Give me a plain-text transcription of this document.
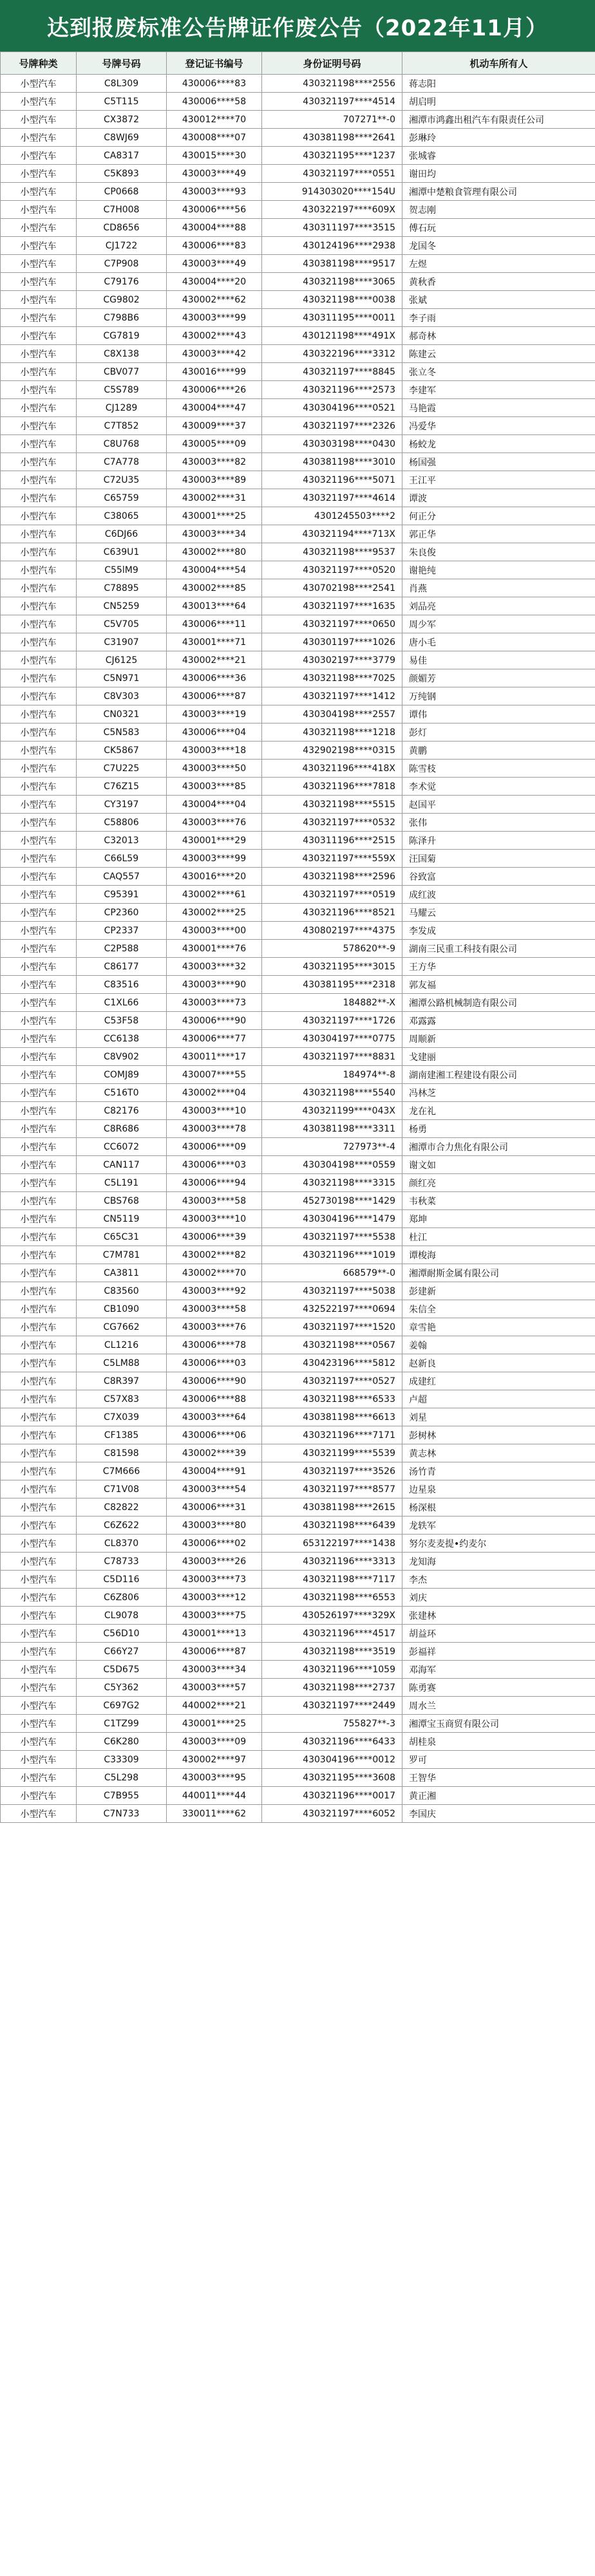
达到报废标准公告牌证作废公告（2022年11月）
号牌种类	号牌号码	登记证书编号	身份证明号码	机动车所有人
小型汽车	C8L309	430006****83	430321198****2556	蒋志阳
小型汽车	C5T115	430006****58	430321197****4514	胡启明
小型汽车	CX3872	430012****70	707271**-0	湘潭市鸿鑫出租汽车有限责任公司
小型汽车	C8WJ69	430008****07	430381198****2641	彭琳玲
小型汽车	CA8317	430015****30	430321195****1237	张城睿
小型汽车	C5K893	430003****49	430321197****0551	谢田均
小型汽车	CP0668	430003****93	914303020****154U	湘潭中楚粮食管理有限公司
小型汽车	C7H008	430006****56	430322197****609X	贺志刚
小型汽车	CD8656	430004****88	430311197****3515	傅石玩
小型汽车	CJ1722	430006****83	430124196****2938	龙国冬
小型汽车	C7P908	430003****49	430381198****9517	左煜
小型汽车	C79176	430004****20	430321198****3065	黄秋香
小型汽车	CG9802	430002****62	430321198****0038	张斌
小型汽车	C798B6	430003****99	430311195****0011	李子雨
小型汽车	CG7819	430002****43	430121198****491X	郝奇林
小型汽车	C8X138	430003****42	430322196****3312	陈建云
小型汽车	CBV077	430016****99	430321197****8845	张立冬
小型汽车	C5S789	430006****26	430321196****2573	李建军
小型汽车	CJ1289	430004****47	430304196****0521	马艳霞
小型汽车	C7T852	430009****37	430321197****2326	冯爱华
小型汽车	C8U768	430005****09	430303198****0430	杨蛟龙
小型汽车	C7A778	430003****82	430381198****3010	杨国强
小型汽车	C72U35	430003****89	430321196****5071	王江平
小型汽车	C65759	430002****31	430321197****4614	谭波
小型汽车	C38065	430001****25	4301245503****2	何正分
小型汽车	C6DJ66	430003****34	430321194****713X	郭正华
小型汽车	C639U1	430002****80	430321198****9537	朱良俊
小型汽车	C55lM9	430004****54	430321197****0520	谢艳纯
小型汽车	C78895	430002****85	430702198****2541	肖燕
小型汽车	CN5259	430013****64	430321197****1635	刘品亮
小型汽车	C5V705	430006****11	430321197****0650	周少军
小型汽车	C31907	430001****71	430301197****1026	唐小毛
小型汽车	CJ6125	430002****21	430302197****3779	易佳
小型汽车	C5N971	430006****36	430321198****7025	颜媚芳
小型汽车	C8V303	430006****87	430321197****1412	万纯钢
小型汽车	CN0321	430003****19	430304198****2557	谭伟
小型汽车	C5N583	430006****04	430321198****1218	彭灯
小型汽车	CK5867	430003****18	432902198****0315	黄鹏
小型汽车	C7U225	430003****50	430321196****418X	陈雪枝
小型汽车	C76Z15	430003****85	430321196****7818	李术觉
小型汽车	CY3197	430004****04	430321198****5515	赵国平
小型汽车	C58806	430003****76	430321197****0532	张伟
小型汽车	C32013	430001****29	430311196****2515	陈泽升
小型汽车	C66L59	430003****99	430321197****559X	汪国菊
小型汽车	CAQ557	430016****20	430321198****2596	谷致富
小型汽车	C95391	430002****61	430321197****0519	成红波
小型汽车	CP2360	430002****25	430321196****8521	马耀云
小型汽车	CP2337	430003****00	430802197****4375	李发成
小型汽车	C2P588	430001****76	578620**-9	湖南三民重工科技有限公司
小型汽车	C86177	430003****32	430321195****3015	王方华
小型汽车	C83516	430003****90	430381195****2318	郭友福
小型汽车	C1XL66	430003****73	184882**-X	湘潭公路机械制造有限公司
小型汽车	C53F58	430006****90	430321197****1726	邓露露
小型汽车	CC6138	430006****77	430304197****0775	周顺新
小型汽车	C8V902	430011****17	430321197****8831	戈建丽
小型汽车	COMJ89	430007****55	184974**-8	湖南建湘工程建设有限公司
小型汽车	C516T0	430002****04	430321198****5540	冯林芝
小型汽车	C82176	430003****10	430321199****043X	龙在礼
小型汽车	C8R686	430003****78	430381198****3311	杨勇
小型汽车	CC6072	430006****09	727973**-4	湘潭市合力焦化有限公司
小型汽车	CAN117	430006****03	430304198****0559	谢文如
小型汽车	C5L191	430006****94	430321198****3315	颜红亮
小型汽车	CBS768	430003****58	452730198****1429	韦秋菜
小型汽车	CN5119	430003****10	430304196****1479	郑坤
小型汽车	C65C31	430006****39	430321197****5538	杜江
小型汽车	C7M781	430002****82	430321196****1019	谭梭海
小型汽车	CA3811	430002****70	668579**-0	湘潭耐斯金属有限公司
小型汽车	C83560	430003****92	430321197****5038	彭建新
小型汽车	CB1090	430003****58	432522197****0694	朱信全
小型汽车	CG7662	430003****76	430321197****1520	章雪艳
小型汽车	CL1216	430006****78	430321198****0567	姜翰
小型汽车	C5LM88	430006****03	430423196****5812	赵新良
小型汽车	C8R397	430006****90	430321197****0527	成建红
小型汽车	C57X83	430006****88	430321198****6533	卢超
小型汽车	C7X039	430003****64	430381198****6613	刘星
小型汽车	CF1385	430006****06	430321196****7171	彭树林
小型汽车	C81598	430002****39	430321199****5539	黄志林
小型汽车	C7M666	430004****91	430321197****3526	汤竹青
小型汽车	C71V08	430003****54	430321197****8577	边星泉
小型汽车	C82822	430006****31	430381198****2615	杨深根
小型汽车	C6Z622	430003****80	430321198****6439	龙轶军
小型汽车	CL8370	430006****02	653122197****1438	努尔麦麦提•约麦尔
小型汽车	C78733	430003****26	430321196****3313	龙知海
小型汽车	C5D116	430003****73	430321198****7117	李杰
小型汽车	C6Z806	430003****12	430321198****6553	刘庆
小型汽车	CL9078	430003****75	430526197****329X	张建林
小型汽车	C56D10	430001****13	430321196****4517	胡益环
小型汽车	C66Y27	430006****87	430321198****3519	彭福祥
小型汽车	C5D675	430003****34	430321196****1059	邓海军
小型汽车	C5Y362	430003****57	430321198****2737	陈勇赛
小型汽车	C697G2	440002****21	430321197****2449	周水兰
小型汽车	C1TZ99	430001****25	755827**-3	湘潭宝玉商贸有限公司
小型汽车	C6K280	430003****09	430321196****6433	胡桂泉
小型汽车	C33309	430002****97	430304196****0012	罗可
小型汽车	C5L298	430003****95	430321195****3608	王智华
小型汽车	C7B955	440011****44	430321196****0017	黄正湘
小型汽车	C7N733	330011****62	430321197****6052	李国庆
